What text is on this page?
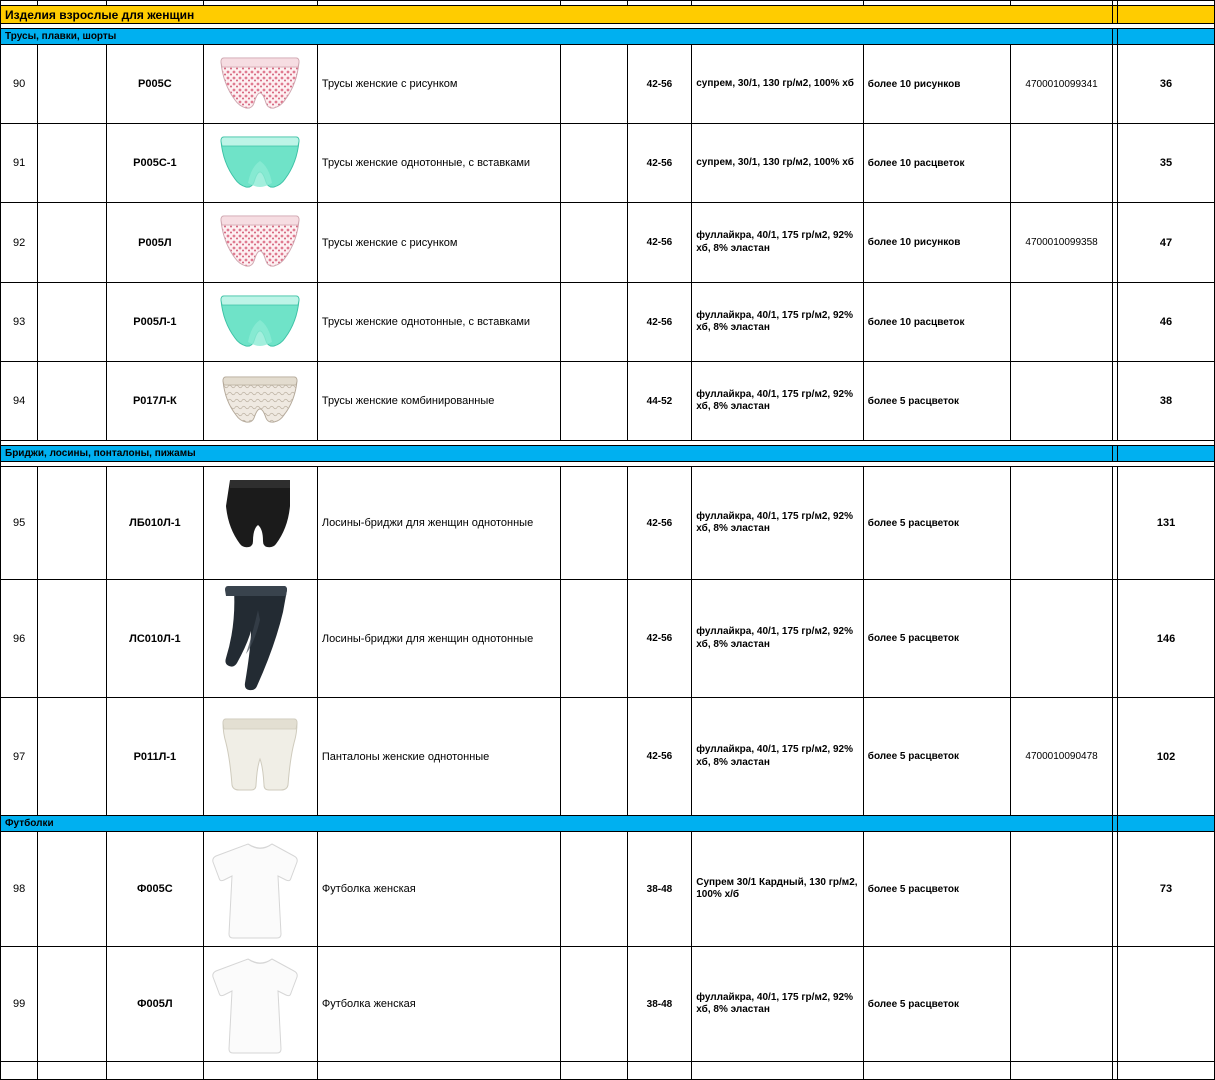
Изделия взрослые для женщин											

Трусы, плавки, шорты											
90		Р005С		Трусы женские с рисунком		42-56	супрем, 30/1, 130 гр/м2, 100% хб	более 10 рисунков	4700010099341		36
91		Р005С-1		Трусы женские однотонные, с вставками		42-56	супрем, 30/1, 130 гр/м2, 100% хб	более 10 расцветок			35
92		Р005Л		Трусы женские с рисунком		42-56	фуллайкра, 40/1, 175 гр/м2, 92% хб, 8% эластан	более 10 рисунков	4700010099358		47
93		Р005Л-1		Трусы женские однотонные, с вставками		42-56	фуллайкра, 40/1, 175 гр/м2, 92% хб, 8% эластан	более 10 расцветок			46
94		Р017Л-К		Трусы женские комбинированные		44-52	фуллайкра, 40/1, 175 гр/м2, 92% хб, 8% эластан	более 5 расцветок			38

Бриджи, лосины, понталоны, пижамы											

95		ЛБ010Л-1		Лосины-бриджи для женщин однотонные		42-56	фуллайкра, 40/1, 175 гр/м2, 92% хб, 8% эластан	более 5 расцветок			131
96		ЛС010Л-1		Лосины-бриджи для женщин однотонные		42-56	фуллайкра, 40/1, 175 гр/м2, 92% хб, 8% эластан	более 5 расцветок			146
97		Р011Л-1		Панталоны женские однотонные		42-56	фуллайкра, 40/1, 175 гр/м2, 92% хб, 8% эластан	более 5 расцветок	4700010090478		102
Футболки											
98		Ф005С		Футболка женская		38-48	Супрем 30/1 Кардный, 130 гр/м2, 100% х/б	более 5 расцветок			73
99		Ф005Л		Футболка женская		38-48	фуллайкра, 40/1, 175 гр/м2, 92% хб, 8% эластан	более 5 расцветок			
